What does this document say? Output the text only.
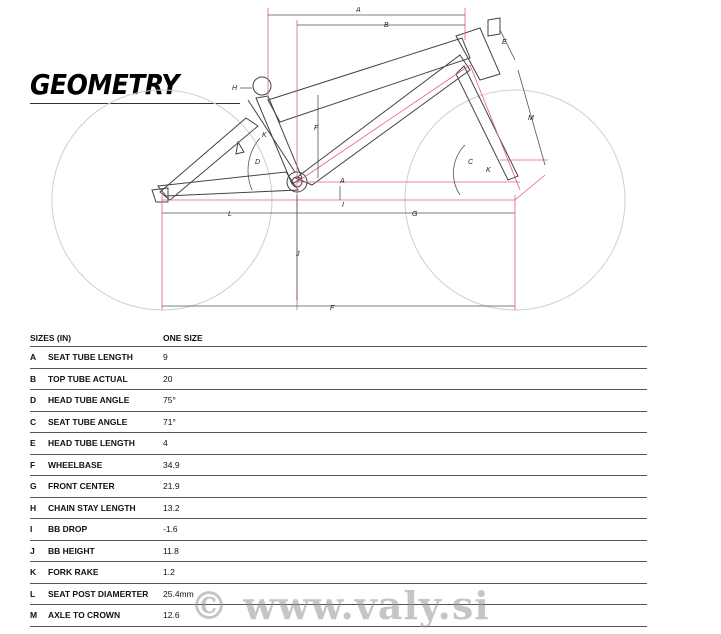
GEOMETRY
A
B
H
E
F
K
D	C
K
A
I
G
J
F
L
M
SIZES (IN)		ONE SIZE
A	SEAT TUBE LENGTH	9
B	TOP TUBE ACTUAL	20
D	HEAD TUBE ANGLE	75°
C	SEAT TUBE ANGLE	71°
E	HEAD TUBE LENGTH	4
F	WHEELBASE	34.9
G	FRONT CENTER	21.9
H	CHAIN STAY LENGTH	13.2
I	BB DROP	-1.6
J	BB HEIGHT	11.8
K	FORK RAKE	1.2
L	SEAT POST DIAMERTER	25.4mm
M	AXLE TO CROWN	12.6 © www.valy.si
